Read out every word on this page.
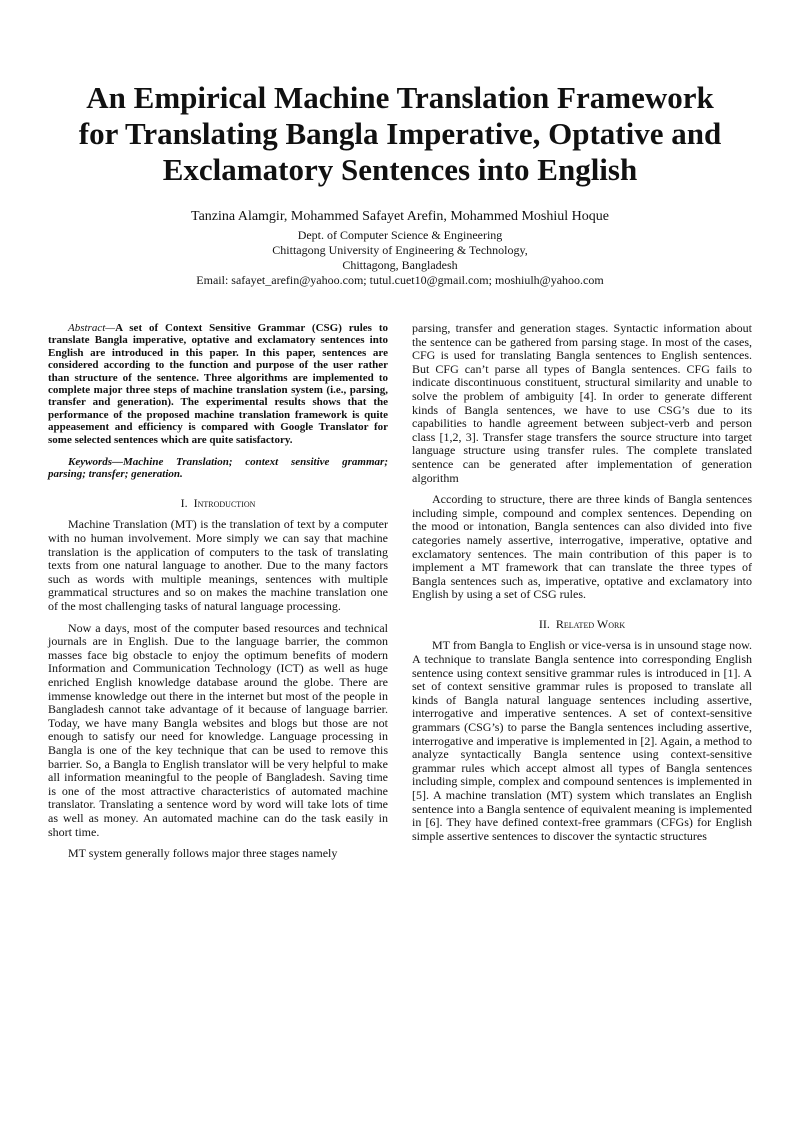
An Empirical Machine Translation Framework
for Translating Bangla Imperative, Optative and
Exclamatory Sentences into English
Tanzina Alamgir, Mohammed Safayet Arefin, Mohammed Moshiul Hoque
Dept. of Computer Science & Engineering
Chittagong University of Engineering & Technology,
Chittagong, Bangladesh
Email: safayet_arefin@yahoo.com; tutul.cuet10@gmail.com; moshiulh@yahoo.com

Abstract—A set of Context Sensitive Grammar (CSG) rules to translate Bangla imperative, optative and exclamatory sentences into English are introduced in this paper. In this paper, sentences are considered according to the function and purpose of the user rather than structure of the sentence. Three algorithms are implemented to complete major three steps of machine translation system (i.e., parsing, transfer and generation). The experimental results shows that the performance of the proposed machine translation framework is quite appeasement and efficiency is compared with Google Translator for some selected sentences which are quite satisfactory.

Keywords—Machine Translation; context sensitive grammar; parsing; transfer; generation.

I. Introduction

Machine Translation (MT) is the translation of text by a computer with no human involvement. More simply we can say that machine translation is the application of computers to the task of translating texts from one natural language to another. Due to the many factors such as words with multiple meanings, sentences with multiple grammatical structures and so on makes the machine translation one of the most challenging tasks of natural language processing.

Now a days, most of the computer based resources and technical journals are in English. Due to the language barrier, the common masses face big obstacle to enjoy the optimum benefits of modern Information and Communication Technology (ICT) as well as huge enriched English knowledge database around the globe. There are immense knowledge out there in the internet but most of the people in Bangladesh cannot take advantage of it because of language barrier. Today, we have many Bangla websites and blogs but those are not enough to satisfy our need for knowledge. Language processing in Bangla is one of the key technique that can be used to remove this barrier. So, a Bangla to English translator will be very helpful to make all information meaningful to the people of Bangladesh. Saving time is one of the most attractive characteristics of automated machine translator. Translating a sentence word by word will take lots of time as well as money. An automated machine can do the task easily in short time.

MT system generally follows major three stages namely

parsing, transfer and generation stages. Syntactic information about the sentence can be gathered from parsing stage. In most of the cases, CFG is used for translating Bangla sentences to English sentences. But CFG can’t parse all types of Bangla sentences. CFG fails to indicate discontinuous constituent, structural similarity and unable to solve the problem of ambiguity [4]. In order to generate different kinds of Bangla sentences, we have to use CSG’s due to its capabilities to handle agreement between subject-verb and person class [1,2, 3]. Transfer stage transfers the source structure into target language structure using transfer rules. The complete translated sentence can be generated after implementation of generation algorithm

According to structure, there are three kinds of Bangla sentences including simple, compound and complex sentences. Depending on the mood or intonation, Bangla sentences can also divided into five categories namely assertive, interrogative, imperative, optative and exclamatory sentences. The main contribution of this paper is to implement a MT framework that can translate the three types of Bangla sentences such as, imperative, optative and exclamatory into English by using a set of CSG rules.

II. Related Work

MT from Bangla to English or vice-versa is in unsound stage now. A technique to translate Bangla sentence into corresponding English sentence using context sensitive grammar rules is introduced in [1]. A set of context sensitive grammar rules is proposed to translate all kinds of Bangla natural language sentences including assertive, interrogative and imperative sentences. A set of context-sensitive grammars (CSG’s) to parse the Bangla sentences including assertive, interrogative and imperative is implemented in [2]. Again, a method to analyze syntactically Bangla sentence using context-sensitive grammar rules which accept almost all types of Bangla sentences including simple, complex and compound sentences is implemented in [5]. A machine translation (MT) system which translates an English sentence into a Bangla sentence of equivalent meaning is implemented in [6]. They have defined context-free grammars (CFGs) for English simple assertive sentences to discover the syntactic structures
